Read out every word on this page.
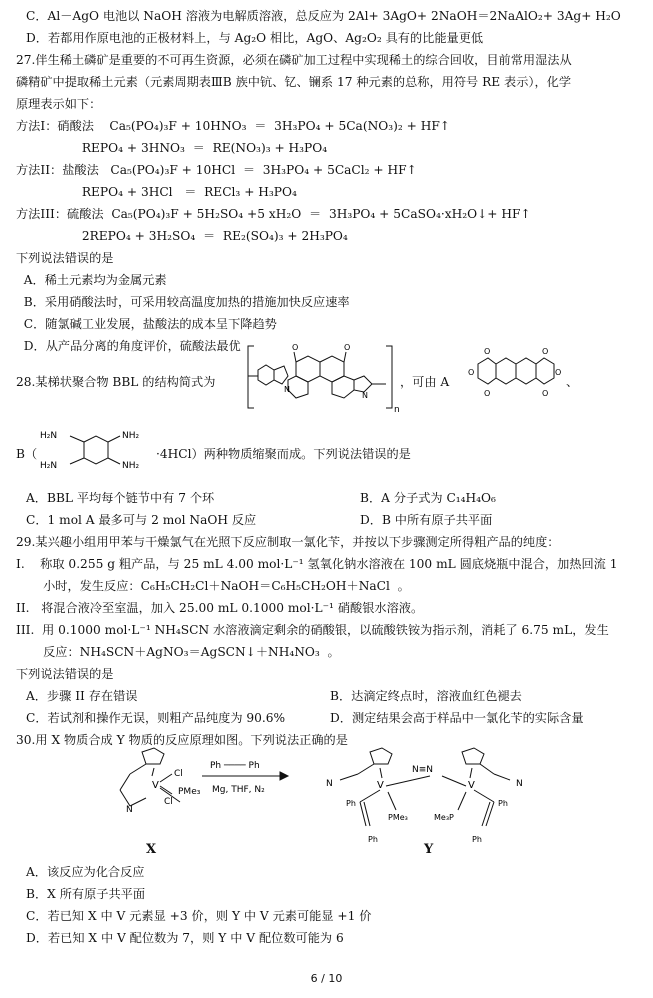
C．Al－AgO 电池以 NaOH 溶液为电解质溶液，总反应为 2Al+ 3AgO+ 2NaOH＝2NaAlO₂+ 3Ag+ H₂O
D．若都用作原电池的正极材料上，与 Ag₂O 相比，AgO、Ag₂O₂ 具有的比能量更低
27.伴生稀土磷矿是重要的不可再生资源，必须在磷矿加工过程中实现稀土的综合回收，目前常用湿法从
磷精矿中提取稀土元素（元素周期表ⅢB 族中钪、钇、镧系 17 种元素的总称，用符号 RE 表示），化学
原理表示如下：
方法I：硝酸法    Ca₅(PO₄)₃F + 10HNO₃  ＝  3H₃PO₄ + 5Ca(NO₃)₂ + HF↑
REPO₄ + 3HNO₃  ＝  RE(NO₃)₃ + H₃PO₄
方法II：盐酸法   Ca₅(PO₄)₃F + 10HCl  ＝  3H₃PO₄ + 5CaCl₂ + HF↑
REPO₄ + 3HCl   ＝  RECl₃ + H₃PO₄
方法III：硫酸法  Ca₅(PO₄)₃F + 5H₂SO₄ +5 xH₂O  ＝  3H₃PO₄ + 5CaSO₄·xH₂O↓+ HF↑
2REPO₄ + 3H₂SO₄  ＝  RE₂(SO₄)₃ + 2H₃PO₄
下列说法错误的是
A．稀土元素均为金属元素
B．采用硝酸法时，可采用较高温度加热的措施加快反应速率
C．随氯碱工业发展，盐酸法的成本呈下降趋势
D．从产品分离的角度评价，硫酸法最优
28.某梯状聚合物 BBL 的结构简式为
O	O
N
N
n
，可由 A
O	O
O	O
O	O
、
B（
H₂N
H₂N
NH₂
NH₂
·4HCl）两种物质缩聚而成。下列说法错误的是
A．BBL 平均每个链节中有 7 个环	B．A 分子式为 C₁₄H₄O₆
C．1 mol A 最多可与 2 mol NaOH 反应	D．B 中所有原子共平面
29.某兴趣小组用甲苯与干燥氯气在光照下反应制取一氯化苄，并按以下步骤测定所得粗产品的纯度：
I.    称取 0.255 g 粗产品，与 25 mL 4.00 mol·L⁻¹ 氢氧化钠水溶液在 100 mL 圆底烧瓶中混合，加热回流 1
小时，发生反应：C₆H₅CH₂Cl＋NaOH＝C₆H₅CH₂OH＋NaCl  。
II.   将混合液冷至室温，加入 25.00 mL 0.1000 mol·L⁻¹ 硝酸银水溶液。
III.  用 0.1000 mol·L⁻¹ NH₄SCN 水溶液滴定剩余的硝酸银，以硫酸铁铵为指示剂，消耗了 6.75 mL，发生
反应：NH₄SCN＋AgNO₃＝AgSCN↓＋NH₄NO₃  。
下列说法错误的是
A．步骤 II 存在错误	B．达滴定终点时，溶液血红色褪去
C．若试剂和操作无误，则粗产品纯度为 90.6%	D．测定结果会高于样品中一氯化苄的实际含量
30.用 X 物质合成 Y 物质的反应原理如图。下列说法正确的是
Ph ──── Ph
Mg, THF, N₂
V
Cl
Cl
PMe₃
N
V	V
N≡N
Ph
Ph
Ph
Ph
PMe₃	Me₃P
N	N
X	Y
A．该反应为化合反应
B．X 所有原子共平面
C．若已知 X 中 V 元素显 +3 价，则 Y 中 V 元素可能显 +1 价
D．若已知 X 中 V 配位数为 7，则 Y 中 V 配位数可能为 6
6 / 10
